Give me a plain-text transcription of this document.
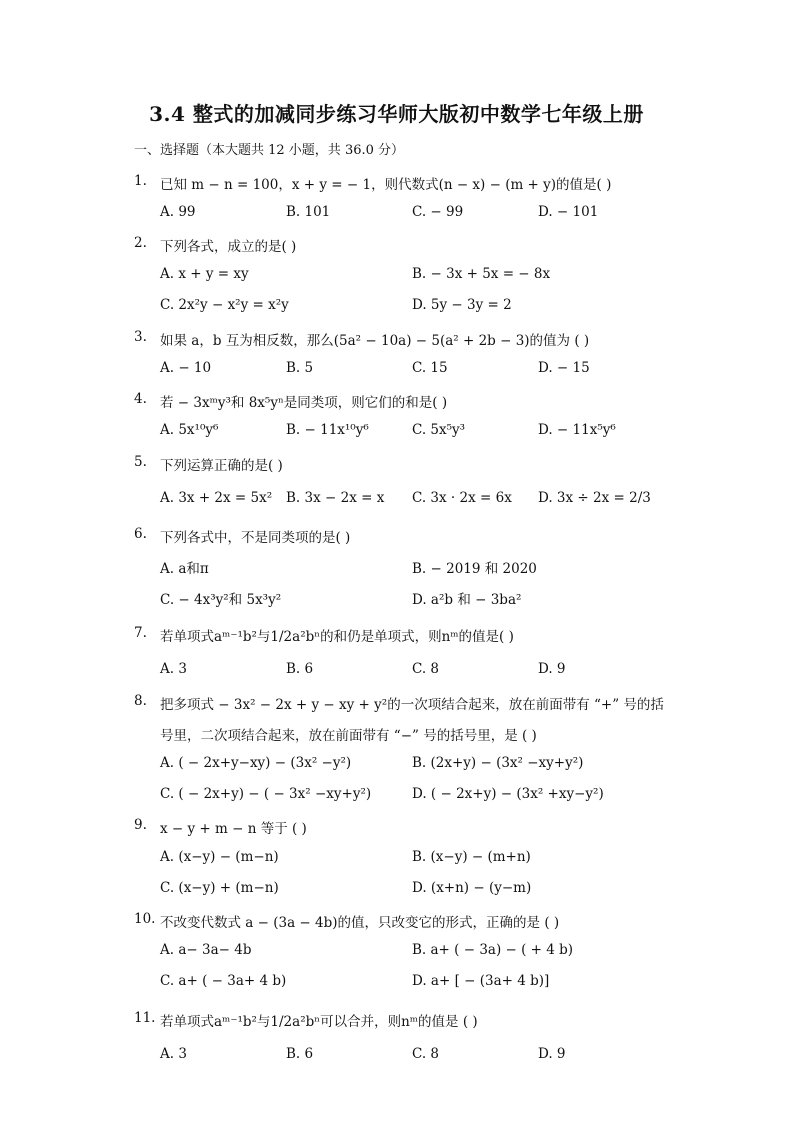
3.4 整式的加减同步练习华师大版初中数学七年级上册
一、选择题（本大题共 12 小题，共 36.0 分）
1. 已知 m − n = 100，x + y = − 1，则代数式(n − x) − (m + y)的值是( )
A. 99	B. 101	C. − 99	D. − 101
2. 下列各式，成立的是( )
A. x + y = xy	B. − 3x + 5x = − 8x
C. 2x²y − x²y = x²y	D. 5y − 3y = 2
3. 如果 a，b 互为相反数，那么(5a² − 10a) − 5(a² + 2b − 3)的值为 ( )
A. − 10	B. 5	C. 15	D. − 15
4. 若 − 3xᵐy³和 8x⁵yⁿ是同类项，则它们的和是( )
A. 5x¹⁰y⁶	B. − 11x¹⁰y⁶	C. 5x⁵y³	D. − 11x⁵y⁶
5. 下列运算正确的是( )
A. 3x + 2x = 5x² B. 3x − 2x = x C. 3x · 2x = 6x D. 3x ÷ 2x = 2/3
6. 下列各式中，不是同类项的是( )
A. a和π	B. − 2019 和 2020
C. − 4x³y²和 5x³y²	D. a²b 和 − 3ba²
7. 若单项式aᵐ⁻¹b²与1/2a²bⁿ的和仍是单项式，则nᵐ的值是( )
A. 3	B. 6	C. 8	D. 9
8. 把多项式 − 3x² − 2x + y − xy + y²的一次项结合起来，放在前面带有 “+” 号的括
号里，二次项结合起来，放在前面带有 “−” 号的括号里，是 ( )
A. ( − 2x+y−xy) − (3x² −y²)	B. (2x+y) − (3x² −xy+y²)
C. ( − 2x+y) − ( − 3x² −xy+y²)	D. ( − 2x+y) − (3x² +xy−y²)
9. x − y + m − n 等于 ( )
A. (x−y) − (m−n)	B. (x−y) − (m+n)
C. (x−y) + (m−n)	D. (x+n) − (y−m)
10. 不改变代数式 a − (3a − 4b)的值，只改变它的形式，正确的是 ( )
A. a− 3a− 4b	B. a+ ( − 3a) − ( + 4 b)
C. a+ ( − 3a+ 4 b)	D. a+ [ − (3a+ 4 b)]
11. 若单项式aᵐ⁻¹b²与1/2a²bⁿ可以合并，则nᵐ的值是 ( )
A. 3	B. 6	C. 8	D. 9
